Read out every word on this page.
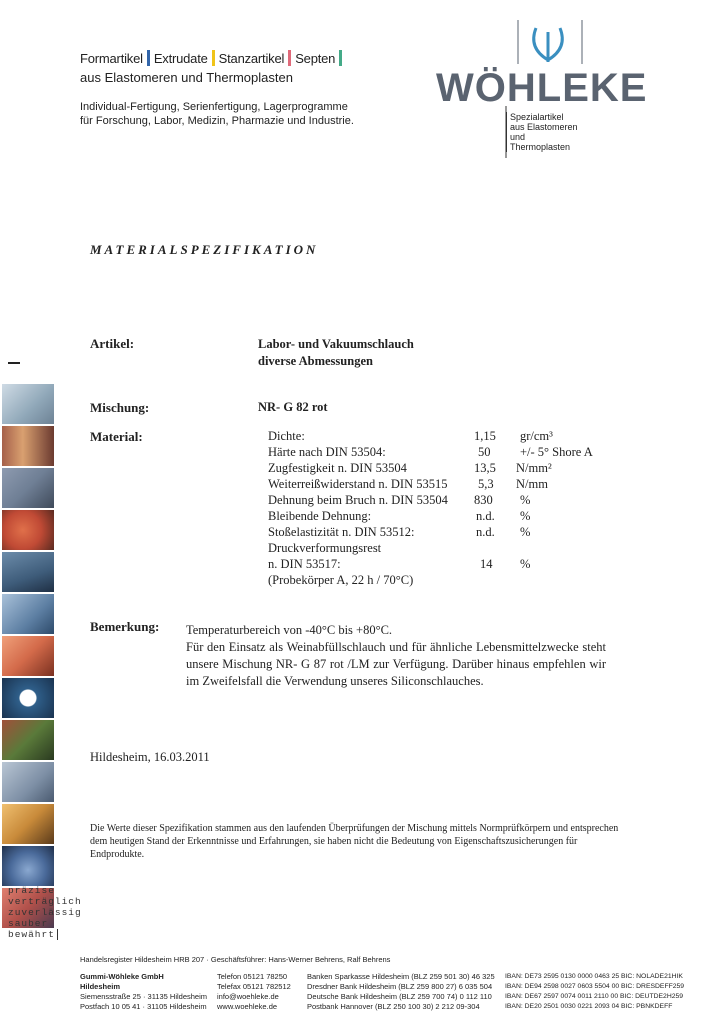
Formartikel Extrudate Stanzartikel Septen
aus Elastomeren und Thermoplasten
Individual-Fertigung, Serienfertigung, Lagerprogramme
für Forschung, Labor, Medizin, Pharmazie und Industrie.
WÖHLEKE
Spezialartikel
aus Elastomeren
und
Thermoplasten
MATERIALSPEZIFIKATION
Artikel:	Labor- und Vakuumschlauch
diverse Abmessungen
Mischung:	NR- G 82 rot
Material:	Dichte:	1,15 gr/cm³
Härte nach DIN 53504:	50 +/- 5° Shore A
Zugfestigkeit n. DIN 53504	13,5 N/mm²
Weiterreißwiderstand n. DIN 53515 5,3 N/mm
Dehnung beim Bruch n. DIN 53504 830 %
Bleibende Dehnung:	n.d. %
Stoßelastizität n. DIN 53512:	n.d. %
Druckverformungsrest
n. DIN 53517:	14 %
(Probekörper A, 22 h / 70°C)
Bemerkung: Temperaturbereich von -40°C bis +80°C.
Für den Einsatz als Weinabfüllschlauch und für ähnliche Lebensmittelzwecke steht unsere Mischung NR- G 87 rot /LM zur Verfügung. Darüber hinaus empfehlen wir im Zweifelsfall die Verwendung unseres Siliconschlauches.
Hildesheim, 16.03.2011
Die Werte dieser Spezifikation stammen aus den laufenden Überprüfungen der Mischung mittels Normprüfkörpern und entsprechen dem heutigen Stand der Erkenntnisse und Erfahrungen, sie haben nicht die Bedeutung von Eigenschaftszusicherungen für Endprodukte.
präzise
verträglich
zuverlässig
sauber
bewährt
Handelsregister Hildesheim HRB 207 · Geschäftsführer: Hans-Werner Behrens, Ralf Behrens
Gummi-Wöhleke GmbH
Hildesheim
Siemensstraße 25 · 31135 Hildesheim
Postfach 10 05 41 · 31105 Hildesheim
Telefon 05121 78250
Telefax 05121 782512
info@woehleke.de
www.woehleke.de
Banken Sparkasse Hildesheim (BLZ 259 501 30) 46 325
Dresdner Bank Hildesheim (BLZ 259 800 27) 6 035 504
Deutsche Bank Hildesheim (BLZ 259 700 74) 0 112 110
Postbank Hannover (BLZ 250 100 30) 2 212 09-304
IBAN: DE73 2595 0130 0000 0463 25 BIC: NOLADE21HIK
IBAN: DE94 2598 0027 0603 5504 00 BIC: DRESDEFF259
IBAN: DE67 2597 0074 0011 2110 00 BIC: DEUTDE2H259
IBAN: DE20 2501 0030 0221 2093 04 BIC: PBNKDEFF
